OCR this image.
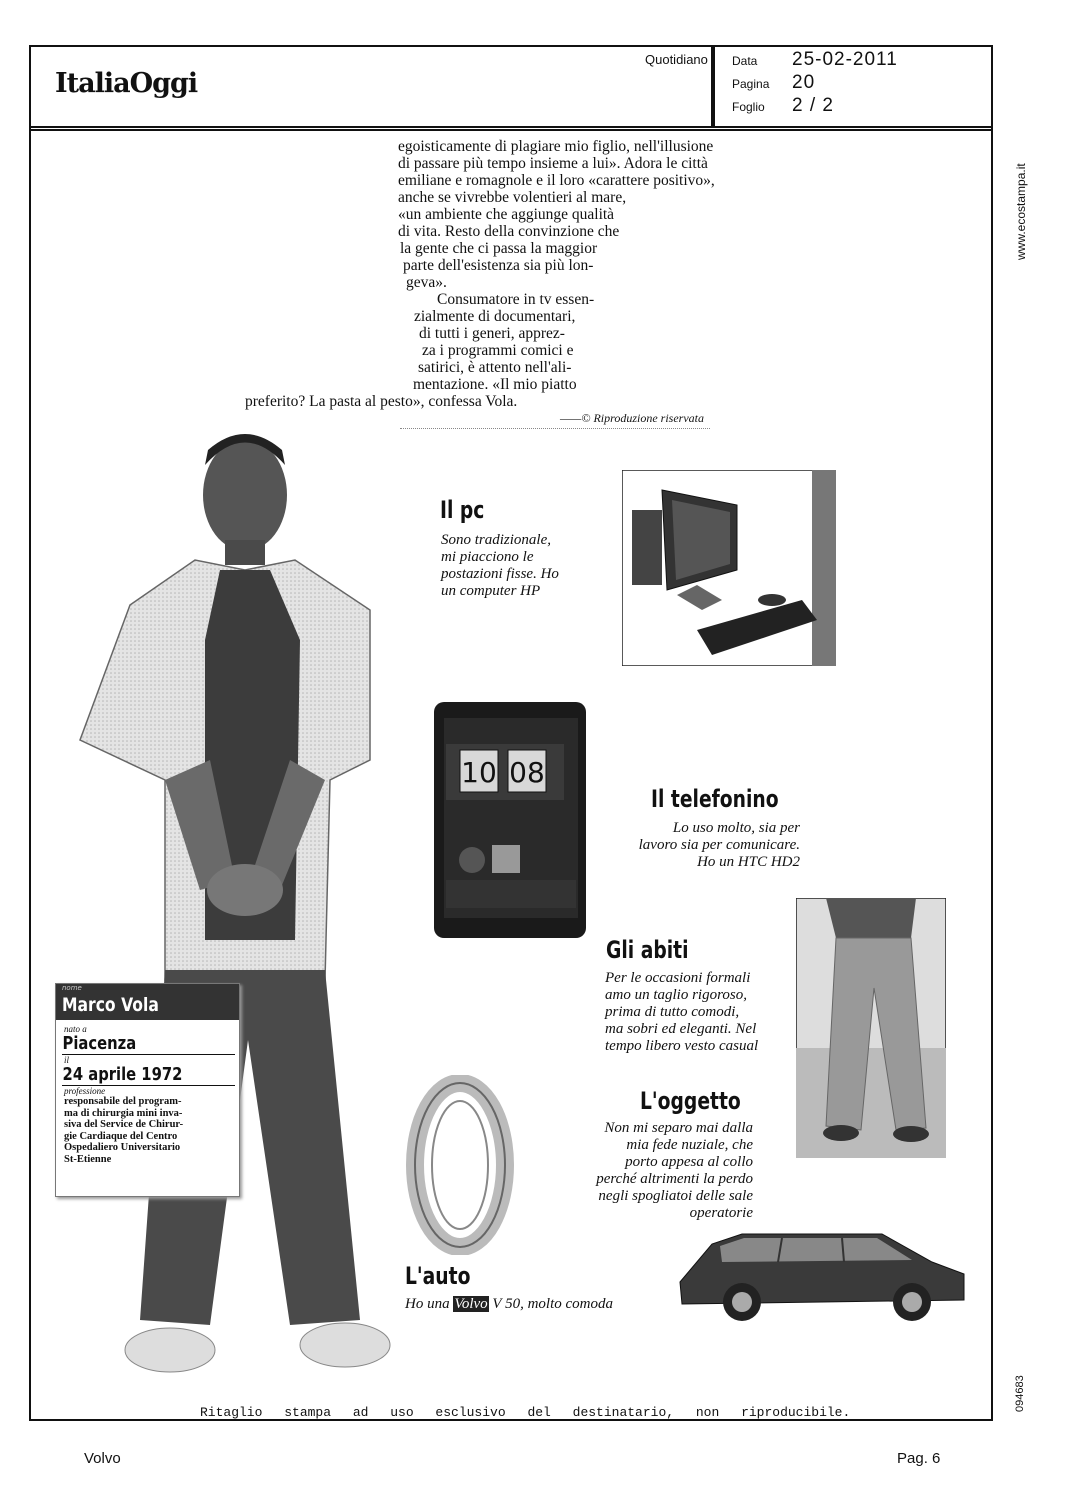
ItaliaOggi
Quotidiano Data 25-02-2011
Pagina 20
Foglio 2 / 2
www.ecostampa.it
094683
egoisticamente di plagiare mio figlio, nell'illusione
di passare più tempo insieme a lui». Adora le città
emiliane e romagnole e il loro «carattere positivo»,
anche se vivrebbe volentieri al mare,
«un ambiente che aggiunge qualità
di vita. Resto della convinzione che
la gente che ci passa la maggior
parte dell'esistenza sia più lon-
geva».
Consumatore in tv essen-
zialmente di documentari,
di tutti i generi, apprez-
za i programmi comici e
satirici, è attento nell'ali-
mentazione. «Il mio piatto
preferito? La pasta al pesto», confessa Vola.
——© Riproduzione riservata
nome
Marco Vola
nato a
Piacenza
il
24 aprile 1972
professione
responsabile del program-
ma di chirurgia mini inva-
siva del Service de Chirur-
gie Cardiaque del Centro
Ospedaliero Universitario
St-Etienne
Il pc
Sono tradizionale,
mi piacciono le
postazioni fisse. Ho
un computer HP
10 08
Il telefonino
Lo uso molto, sia per
lavoro sia per comunicare.
Ho un HTC HD2
Gli abiti
Per le occasioni formali
amo un taglio rigoroso,
prima di tutto comodi,
ma sobri ed eleganti. Nel
tempo libero vesto casual
L'oggetto
Non mi separo mai dalla
mia fede nuziale, che
porto appesa al collo
perché altrimenti la perdo
negli spogliatoi delle sale
operatorie
L'auto
Ho una Volvo V 50, molto comoda
Ritaglio stampa ad uso esclusivo del destinatario, non riproducibile.
Volvo	Pag. 6
